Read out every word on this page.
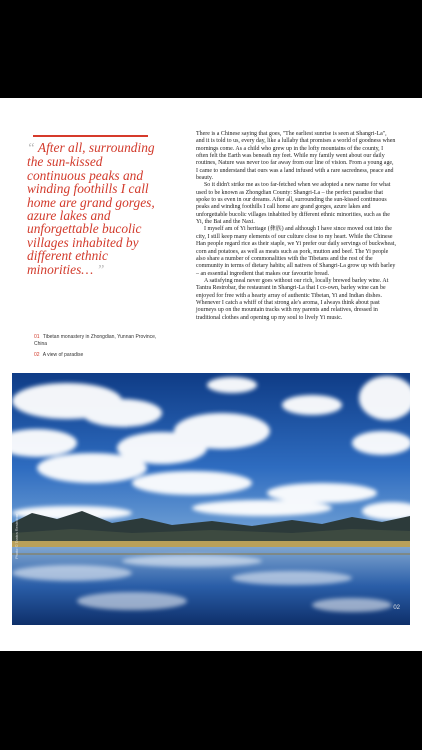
“ After all, surrounding the sun-kissed continuous peaks and winding foothills I call home are grand gorges, azure lakes and unforgettable bucolic villages inhabited by different ethnic minorities… ”
01 Tibetan monastery in Zhongdian, Yunnan Province, China
02 A view of paradise

There is a Chinese saying that goes, "The earliest sunrise is seen at Shangri-La", and it is told to us, every day, like a lullaby that promises a world of goodness when mornings come. As a child who grew up in the lofty mountains of the county, I often felt the Earth was beneath my feet. While my family went about our daily routines, Nature was never too far away from our line of vision. From a young age, I came to understand that ours was a land infused with a rare sacredness, peace and beauty.

So it didn't strike me as too far-fetched when we adopted a new name for what used to be known as Zhongdian County: Shangri-La – the perfect paradise that spoke to us even in our dreams. After all, surrounding the sun-kissed continuous peaks and winding foothills I call home are grand gorges, azure lakes and unforgettable bucolic villages inhabited by different ethnic minorities, such as the Yi, the Bai and the Naxi.

I myself am of Yi heritage (彝族) and although I have since moved out into the city, I still keep many elements of our culture close to my heart. While the Chinese Han people regard rice as their staple, we Yi prefer our daily servings of buckwheat, corn and potatoes, as well as meats such as pork, mutton and beef. The Yi people also share a number of commonalities with the Tibetans and the rest of the community in terms of dietary habits; all natives of Shangri-La grow up with barley – an essential ingredient that makes our favourite bread.

A satisfying meal never goes without our rich, locally brewed barley wine. At Tantra Restrobar, the restaurant in Shangri-La that I co-own, barley wine can be enjoyed for free with a hearty array of authentic Tibetan, Yi and Indian dishes. Whenever I catch a whiff of that strong ale's aroma, I always think about past journeys up on the mountain tracks with my parents and relatives, dressed in traditional clothes and opening up my soul to lively Yi music.

Photo © Tantra Restrobar
02
